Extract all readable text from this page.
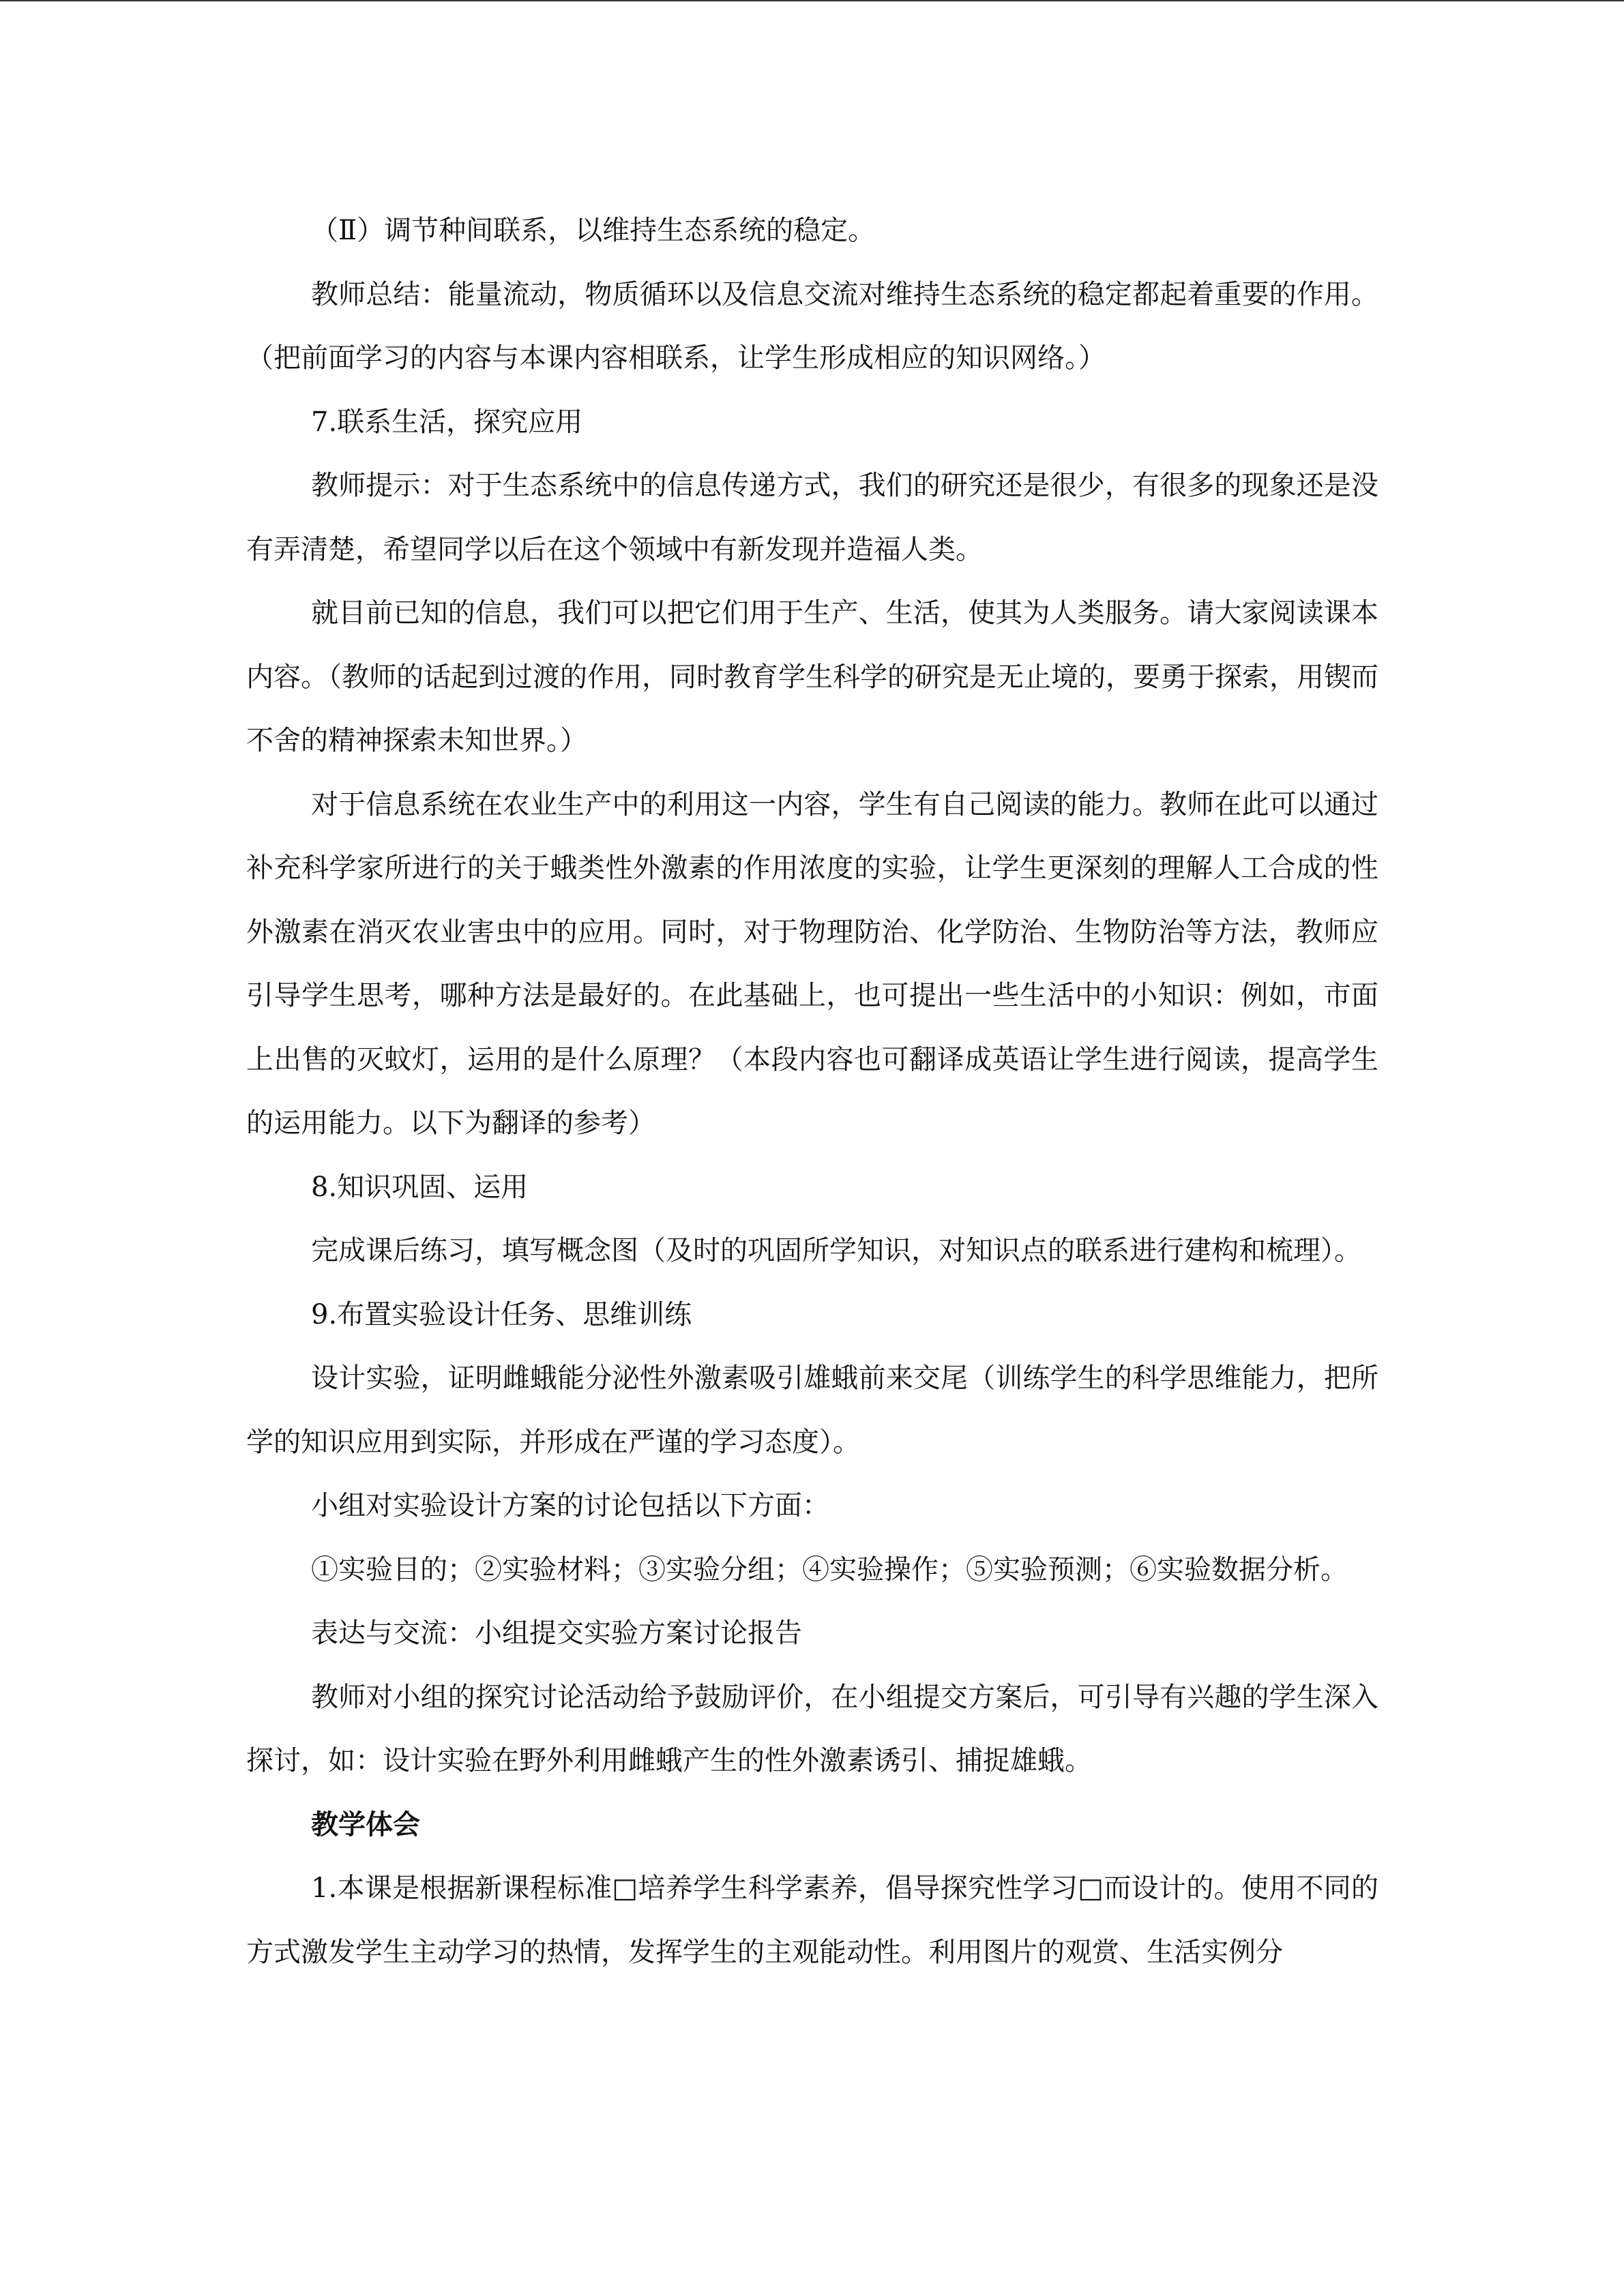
（Ⅱ）调节种间联系，以维持生态系统的稳定。

教师总结：能量流动，物质循环以及信息交流对维持生态系统的稳定都起着重要的作用。（把前面学习的内容与本课内容相联系，让学生形成相应的知识网络。）

7.联系生活，探究应用

教师提示：对于生态系统中的信息传递方式，我们的研究还是很少，有很多的现象还是没有弄清楚，希望同学以后在这个领域中有新发现并造福人类。

就目前已知的信息，我们可以把它们用于生产、生活，使其为人类服务。请大家阅读课本内容。（教师的话起到过渡的作用，同时教育学生科学的研究是无止境的，要勇于探索，用锲而不舍的精神探索未知世界。）

对于信息系统在农业生产中的利用这一内容，学生有自己阅读的能力。教师在此可以通过补充科学家所进行的关于蛾类性外激素的作用浓度的实验，让学生更深刻的理解人工合成的性外激素在消灭农业害虫中的应用。同时，对于物理防治、化学防治、生物防治等方法，教师应引导学生思考，哪种方法是最好的。在此基础上，也可提出一些生活中的小知识：例如，市面上出售的灭蚊灯，运用的是什么原理？（本段内容也可翻译成英语让学生进行阅读，提高学生的运用能力。以下为翻译的参考）

8.知识巩固、运用

完成课后练习，填写概念图（及时的巩固所学知识，对知识点的联系进行建构和梳理）。

9.布置实验设计任务、思维训练

设计实验，证明雌蛾能分泌性外激素吸引雄蛾前来交尾（训练学生的科学思维能力，把所学的知识应用到实际，并形成在严谨的学习态度）。

小组对实验设计方案的讨论包括以下方面：

①实验目的；②实验材料；③实验分组；④实验操作；⑤实验预测；⑥实验数据分析。

表达与交流：小组提交实验方案讨论报告

教师对小组的探究讨论活动给予鼓励评价，在小组提交方案后，可引导有兴趣的学生深入探讨，如：设计实验在野外利用雌蛾产生的性外激素诱引、捕捉雄蛾。

教学体会

1.本课是根据新课程标准□培养学生科学素养，倡导探究性学习□而设计的。使用不同的方式激发学生主动学习的热情，发挥学生的主观能动性。利用图片的观赏、生活实例分
